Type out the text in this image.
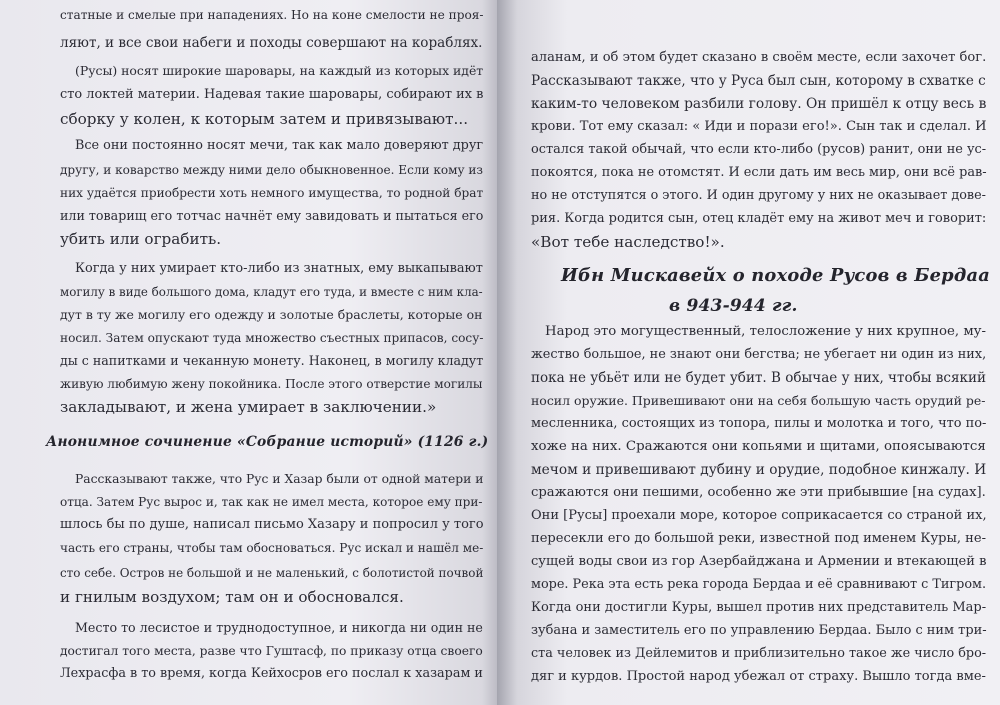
статные и смелые при нападениях. Но на коне смелости не проя-
ляют, и все свои набеги и походы совершают на кораблях.
(Русы) носят широкие шаровары, на каждый из которых идёт
сто локтей материи. Надевая такие шаровары, собирают их в
сборку у колен, к которым затем и привязывают...
Все они постоянно носят мечи, так как мало доверяют друг
другу, и коварство между ними дело обыкновенное. Если кому из
них удаётся приобрести хоть немного имущества, то родной брат
или товарищ его тотчас начнёт ему завидовать и пытаться его
убить или ограбить.
Когда у них умирает кто-либо из знатных, ему выкапывают
могилу в виде большого дома, кладут его туда, и вместе с ним кла-
дут в ту же могилу его одежду и золотые браслеты, которые он
носил. Затем опускают туда множество съестных припасов, сосу-
ды с напитками и чеканную монету. Наконец, в могилу кладут
живую любимую жену покойника. После этого отверстие могилы
закладывают, и жена умирает в заключении.»
Анонимное сочинение «Собрание историй» (1126 г.)
Рассказывают также, что Рус и Хазар были от одной матери и
отца. Затем Рус вырос и, так как не имел места, которое ему при-
шлось бы по душе, написал письмо Хазару и попросил у того
часть его страны, чтобы там обосноваться. Рус искал и нашёл ме-
сто себе. Остров не большой и не маленький, с болотистой почвой
и гнилым воздухом; там он и обосновался.
Место то лесистое и труднодоступное, и никогда ни один не
достигал того места, разве что Гуштасф, по приказу отца своего
Лехрасфа в то время, когда Кейхосров его послал к хазарам и
аланам, и об этом будет сказано в своём месте, если захочет бог.
Рассказывают также, что у Руса был сын, которому в схватке с
каким-то человеком разбили голову. Он пришёл к отцу весь в
крови. Тот ему сказал: « Иди и порази его!». Сын так и сделал. И
остался такой обычай, что если кто-либо (русов) ранит, они не ус-
покоятся, пока не отомстят. И если дать им весь мир, они всё рав-
но не отступятся о этого. И один другому у них не оказывает дове-
рия. Когда родится сын, отец кладёт ему на живот меч и говорит:
«Вот тебе наследство!».
Ибн Мискавейх о походе Русов в Бердаа
в 943-944 гг.
Народ это могущественный, телосложение у них крупное, му-
жество большое, не знают они бегства; не убегает ни один из них,
пока не убьёт или не будет убит. В обычае у них, чтобы всякий
носил оружие. Привешивают они на себя большую часть орудий ре-
месленника, состоящих из топора, пилы и молотка и того, что по-
хоже на них. Сражаются они копьями и щитами, опоясываются
мечом и привешивают дубину и орудие, подобное кинжалу. И
сражаются они пешими, особенно же эти прибывшие [на судах].
Они [Русы] проехали море, которое соприкасается со страной их,
пересекли его до большой реки, известной под именем Куры, не-
сущей воды свои из гор Азербайджана и Армении и втекающей в
море. Река эта есть река города Бердаа и её сравнивают с Тигром.
Когда они достигли Куры, вышел против них представитель Мар-
зубана и заместитель его по управлению Бердаа. Было с ним три-
ста человек из Дейлемитов и приблизительно такое же число бро-
дяг и курдов. Простой народ убежал от страху. Вышло тогда вме-
